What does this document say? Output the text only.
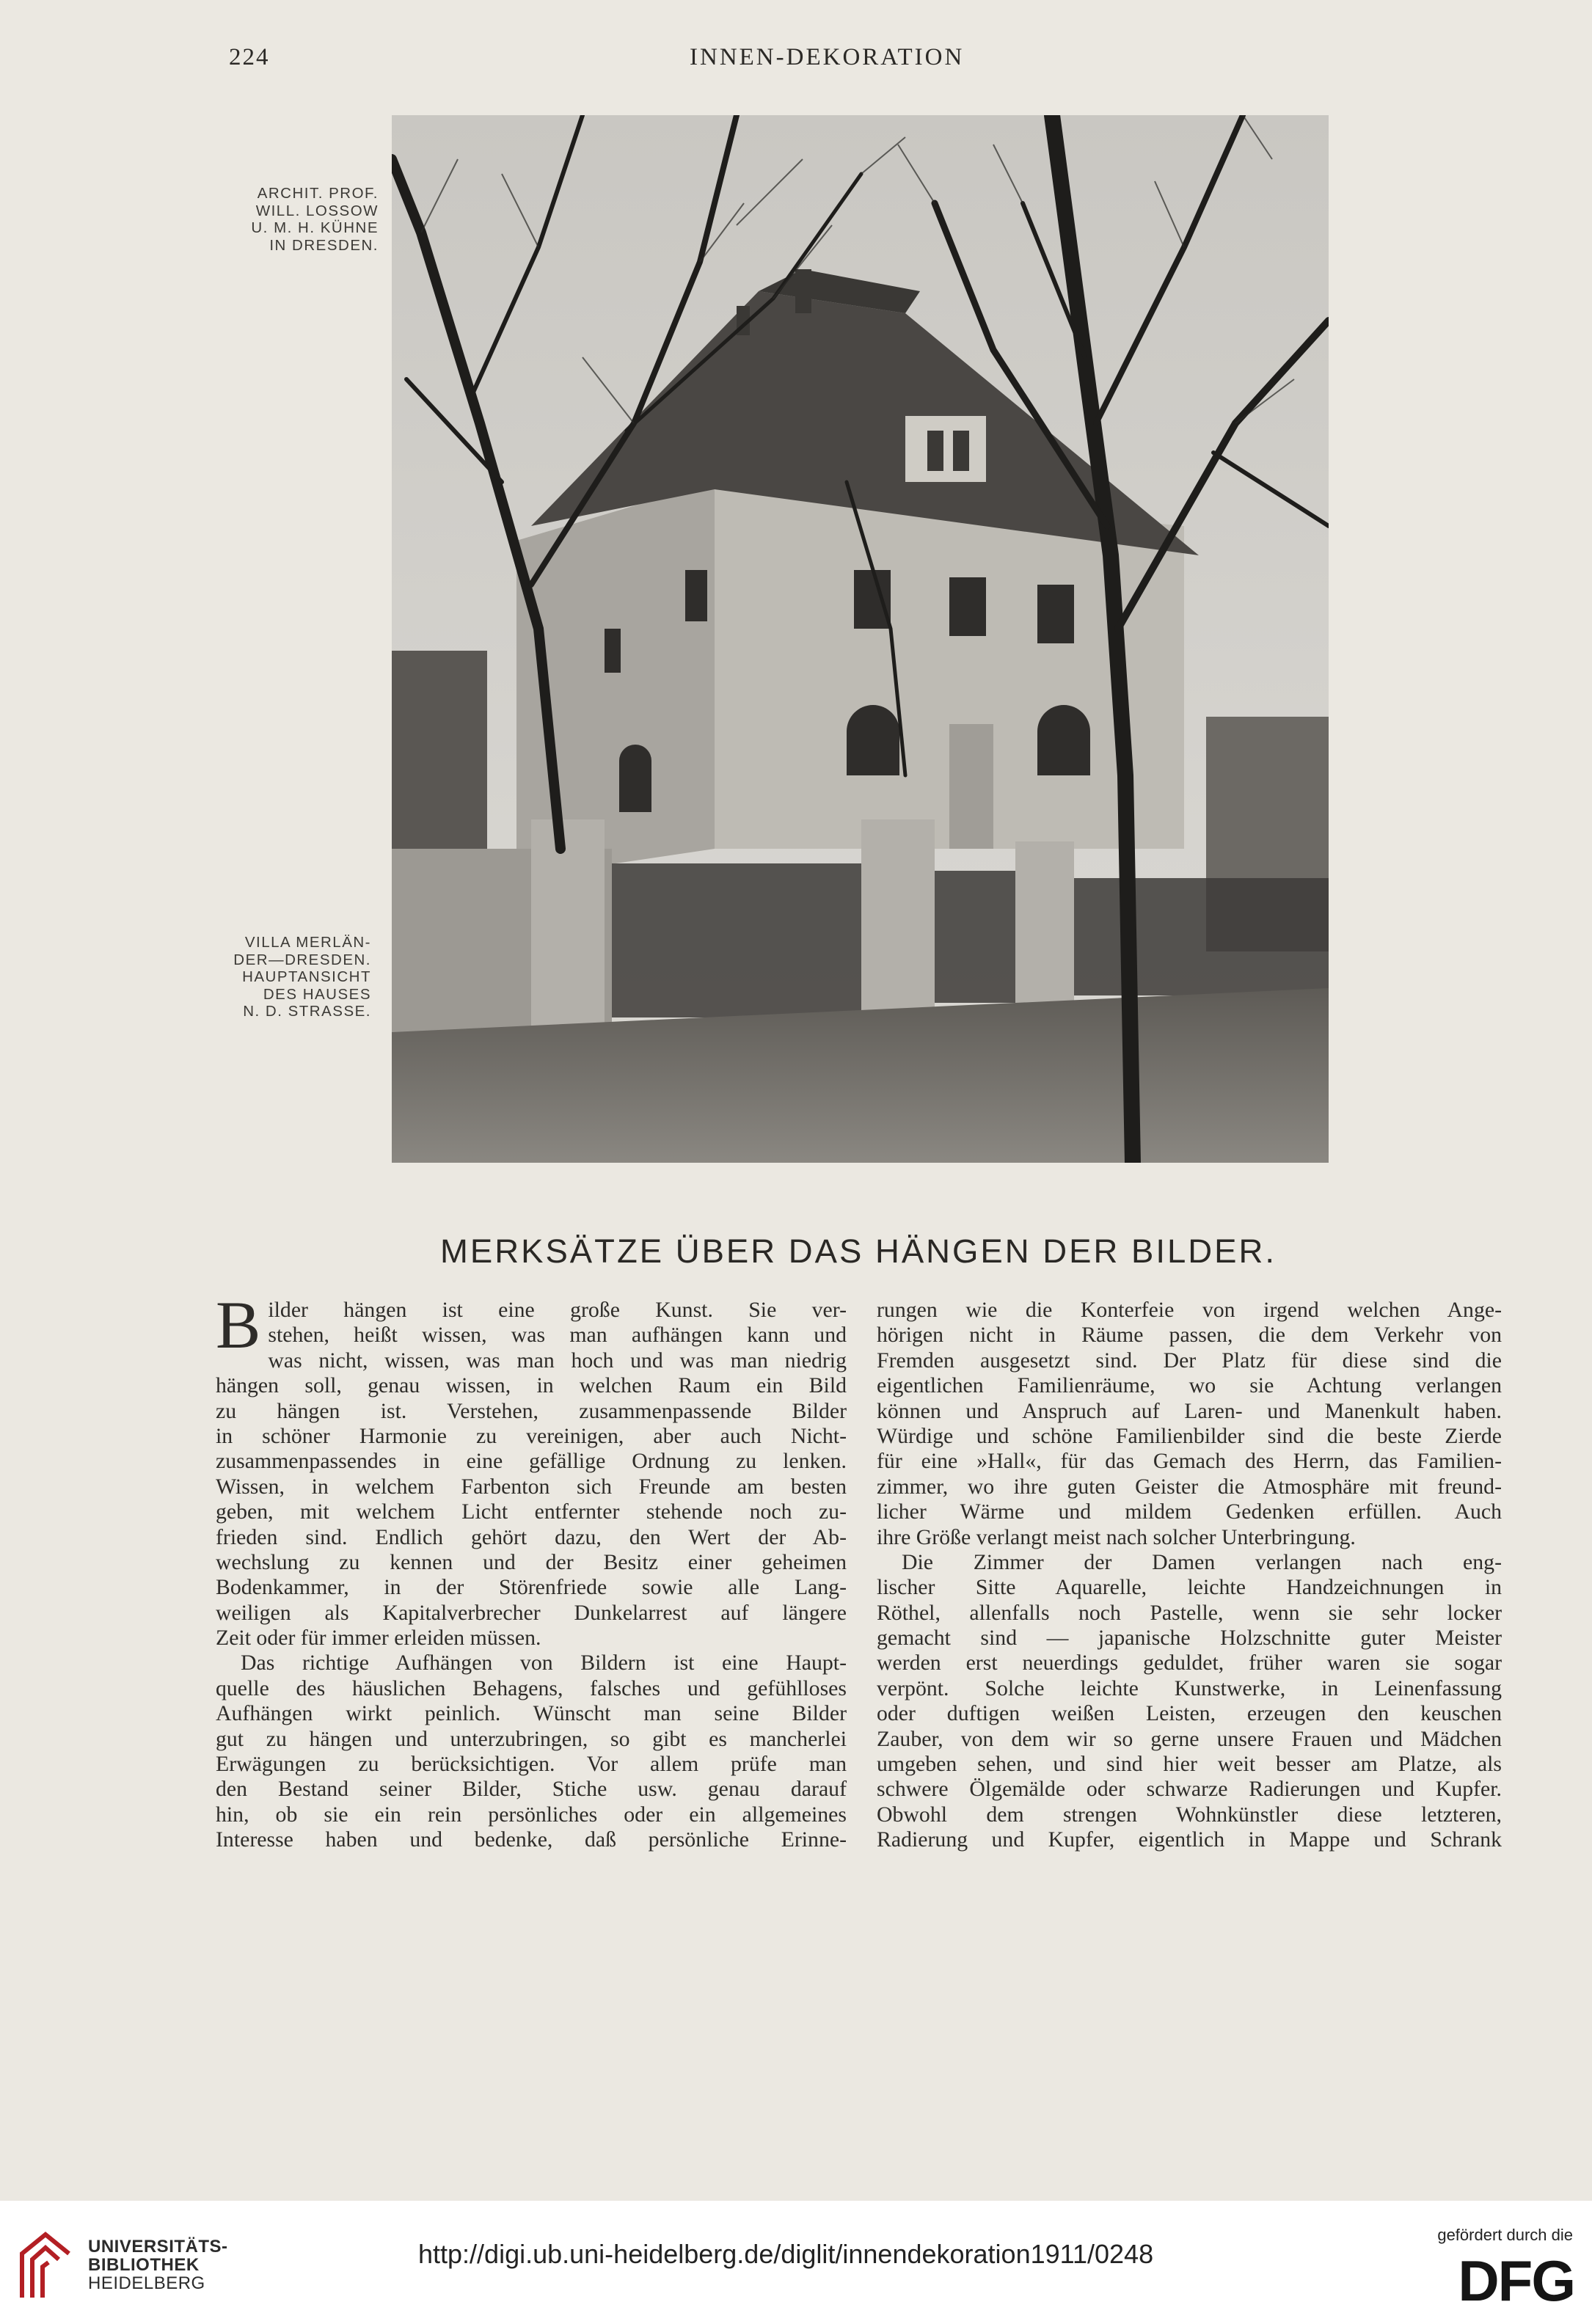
224	INNEN-DEKORATION
ARCHIT. PROF.
WILL. LOSSOW
U. M. H. KÜHNE
IN DRESDEN.
VILLA MERLÄN-
DER—DRESDEN.
HAUPTANSICHT
DES HAUSES
N. D. STRASSE.
MERKSÄTZE ÜBER DAS HÄNGEN DER BILDER.
B ilder hängen ist eine große Kunst. Sie ver-
stehen, heißt wissen, was man aufhängen kann und
was nicht, wissen, was man hoch und was man niedrig
hängen soll, genau wissen, in welchen Raum ein Bild
zu hängen ist. Verstehen, zusammenpassende Bilder
in schöner Harmonie zu vereinigen, aber auch Nicht-
zusammenpassendes in eine gefällige Ordnung zu lenken.
Wissen, in welchem Farbenton sich Freunde am besten
geben, mit welchem Licht entfernter stehende noch zu-
frieden sind. Endlich gehört dazu, den Wert der Ab-
wechslung zu kennen und der Besitz einer geheimen
Bodenkammer, in der Störenfriede sowie alle Lang-
weiligen als Kapitalverbrecher Dunkelarrest auf längere
Zeit oder für immer erleiden müssen.
Das richtige Aufhängen von Bildern ist eine Haupt-
quelle des häuslichen Behagens, falsches und gefühlloses
Aufhängen wirkt peinlich. Wünscht man seine Bilder
gut zu hängen und unterzubringen, so gibt es mancherlei
Erwägungen zu berücksichtigen. Vor allem prüfe man
den Bestand seiner Bilder, Stiche usw. genau darauf
hin, ob sie ein rein persönliches oder ein allgemeines
Interesse haben und bedenke, daß persönliche Erinne-
rungen wie die Konterfeie von irgend welchen Ange-
hörigen nicht in Räume passen, die dem Verkehr von
Fremden ausgesetzt sind. Der Platz für diese sind die
eigentlichen Familienräume, wo sie Achtung verlangen
können und Anspruch auf Laren- und Manenkult haben.
Würdige und schöne Familienbilder sind die beste Zierde
für eine »Hall«, für das Gemach des Herrn, das Familien-
zimmer, wo ihre guten Geister die Atmosphäre mit freund-
licher Wärme und mildem Gedenken erfüllen. Auch
ihre Größe verlangt meist nach solcher Unterbringung.
Die Zimmer der Damen verlangen nach eng-
lischer Sitte Aquarelle, leichte Handzeichnungen in
Röthel, allenfalls noch Pastelle, wenn sie sehr locker
gemacht sind — japanische Holzschnitte guter Meister
werden erst neuerdings geduldet, früher waren sie sogar
verpönt. Solche leichte Kunstwerke, in Leinenfassung
oder duftigen weißen Leisten, erzeugen den keuschen
Zauber, von dem wir so gerne unsere Frauen und Mädchen
umgeben sehen, und sind hier weit besser am Platze, als
schwere Ölgemälde oder schwarze Radierungen und Kupfer.
Obwohl dem strengen Wohnkünstler diese letzteren,
Radierung und Kupfer, eigentlich in Mappe und Schrank
UNIVERSITÄTS-
BIBLIOTHEK
HEIDELBERG
http://digi.ub.uni-heidelberg.de/diglit/innendekoration1911/0248
gefördert durch die
DFG
